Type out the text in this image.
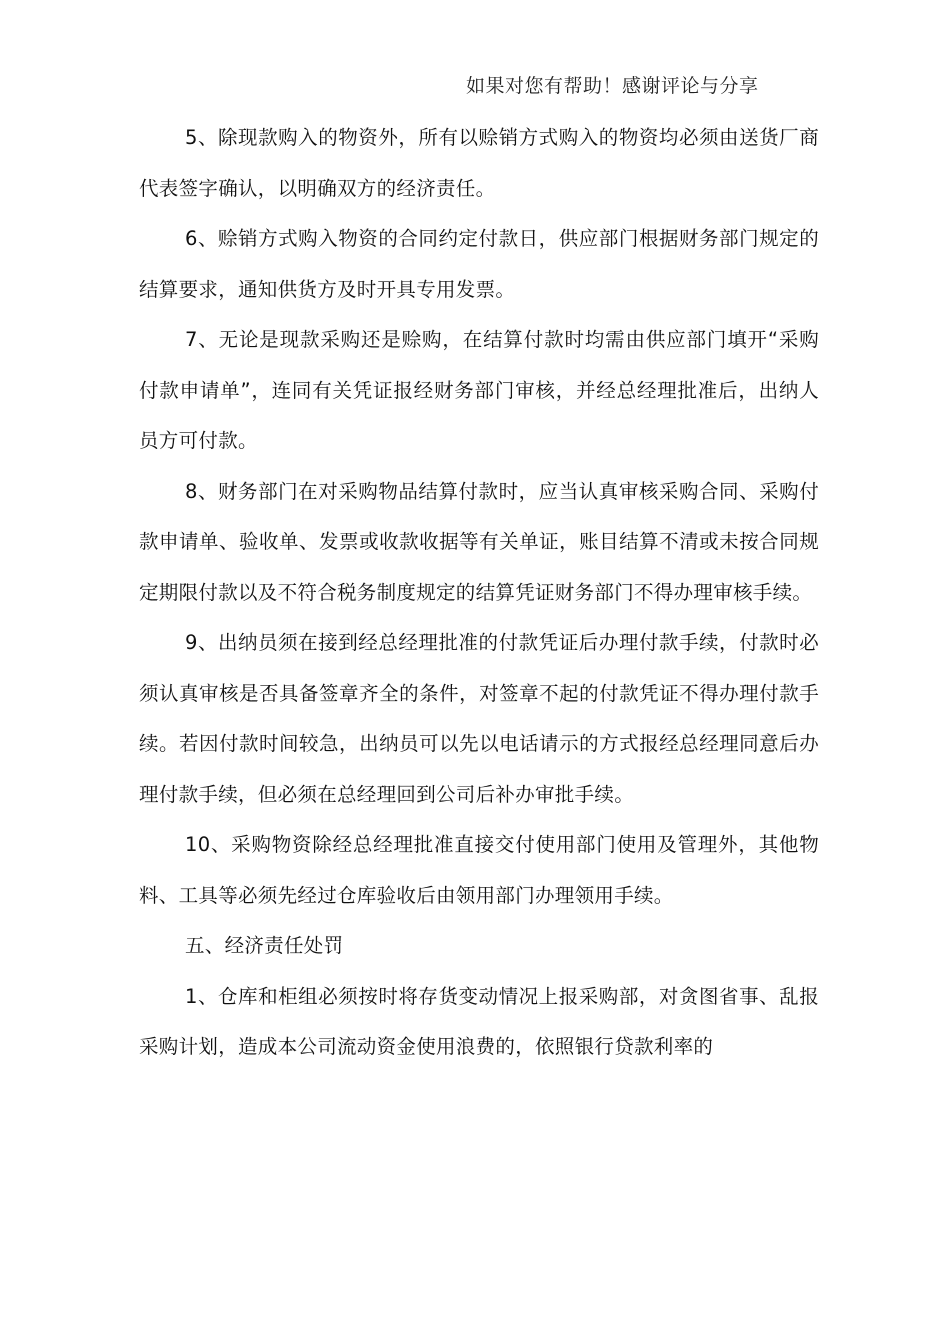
如果对您有帮助！感谢评论与分享

5、除现款购入的物资外，所有以赊销方式购入的物资均必须由送货厂商代表签字确认，以明确双方的经济责任。

6、赊销方式购入物资的合同约定付款日，供应部门根据财务部门规定的结算要求，通知供货方及时开具专用发票。

7、无论是现款采购还是赊购，在结算付款时均需由供应部门填开“采购付款申请单”，连同有关凭证报经财务部门审核，并经总经理批准后，出纳人员方可付款。

8、财务部门在对采购物品结算付款时，应当认真审核采购合同、采购付款申请单、验收单、发票或收款收据等有关单证，账目结算不清或未按合同规定期限付款以及不符合税务制度规定的结算凭证财务部门不得办理审核手续。

9、出纳员须在接到经总经理批准的付款凭证后办理付款手续，付款时必须认真审核是否具备签章齐全的条件，对签章不起的付款凭证不得办理付款手续。若因付款时间较急，出纳员可以先以电话请示的方式报经总经理同意后办理付款手续，但必须在总经理回到公司后补办审批手续。

10、采购物资除经总经理批准直接交付使用部门使用及管理外，其他物料、工具等必须先经过仓库验收后由领用部门办理领用手续。

五、经济责任处罚

1、仓库和柜组必须按时将存货变动情况上报采购部，对贪图省事、乱报采购计划，造成本公司流动资金使用浪费的，依照银行贷款利率的
